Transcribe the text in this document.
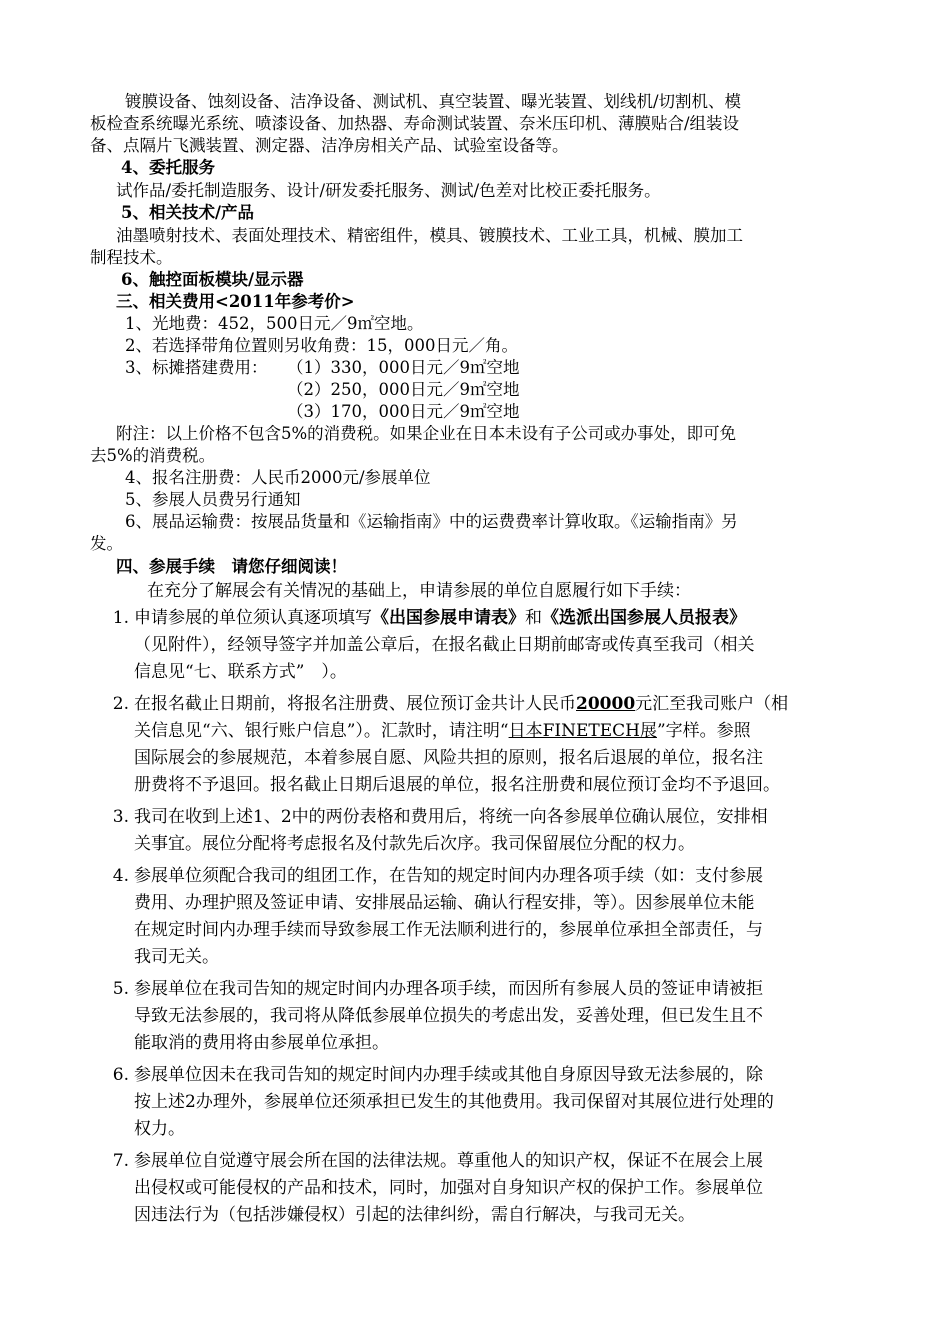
镀膜设备、蚀刻设备、洁净设备、测试机、真空装置、曝光装置、划线机/切割机、模
板检查系统曝光系统、喷漆设备、加热器、寿命测试装置、奈米压印机、薄膜贴合/组装设
备、点隔片飞溅装置、测定器、洁净房相关产品、试验室设备等。
4、委托服务
试作品/委托制造服务、设计/研发委托服务、测试/色差对比校正委托服务。
5、相关技术/产品
油墨喷射技术、表面处理技术、精密组件，模具、镀膜技术、工业工具，机械、膜加工
制程技术。
6、触控面板模块/显示器
三、相关费用<2011年参考价>
1、光地费：452，500日元／9㎡空地。
2、若选择带角位置则另收角费：15，000日元／角。
3、标摊搭建费用： （1）330，000日元／9㎡空地
（2）250，000日元／9㎡空地
（3）170，000日元／9㎡空地
附注：以上价格不包含5%的消费税。如果企业在日本未设有子公司或办事处，即可免
去5%的消费税。
4、报名注册费：人民币2000元/参展单位
5、参展人员费另行通知
6、展品运输费：按展品货量和《运输指南》中的运费费率计算收取。《运输指南》另
发。
四、参展手续　请您仔细阅读！
在充分了解展会有关情况的基础上，申请参展的单位自愿履行如下手续：
1. 申请参展的单位须认真逐项填写《出国参展申请表》和《选派出国参展人员报表》
（见附件），经领导签字并加盖公章后，在报名截止日期前邮寄或传真至我司（相关
信息见“七、联系方式”　）。
2. 在报名截止日期前，将报名注册费、展位预订金共计人民币20000元汇至我司账户（相
关信息见“六、银行账户信息”）。汇款时，请注明“日本FINETECH展”字样。参照
国际展会的参展规范，本着参展自愿、风险共担的原则，报名后退展的单位，报名注
册费将不予退回。报名截止日期后退展的单位，报名注册费和展位预订金均不予退回。
3. 我司在收到上述1、2中的两份表格和费用后，将统一向各参展单位确认展位，安排相
关事宜。展位分配将考虑报名及付款先后次序。我司保留展位分配的权力。
4. 参展单位须配合我司的组团工作，在告知的规定时间内办理各项手续（如：支付参展
费用、办理护照及签证申请、安排展品运输、确认行程安排，等）。因参展单位未能
在规定时间内办理手续而导致参展工作无法顺利进行的，参展单位承担全部责任，与
我司无关。
5. 参展单位在我司告知的规定时间内办理各项手续，而因所有参展人员的签证申请被拒
导致无法参展的，我司将从降低参展单位损失的考虑出发，妥善处理，但已发生且不
能取消的费用将由参展单位承担。
6. 参展单位因未在我司告知的规定时间内办理手续或其他自身原因导致无法参展的，除
按上述2办理外，参展单位还须承担已发生的其他费用。我司保留对其展位进行处理的
权力。
7. 参展单位自觉遵守展会所在国的法律法规。尊重他人的知识产权，保证不在展会上展
出侵权或可能侵权的产品和技术，同时，加强对自身知识产权的保护工作。参展单位
因违法行为（包括涉嫌侵权）引起的法律纠纷，需自行解决，与我司无关。
